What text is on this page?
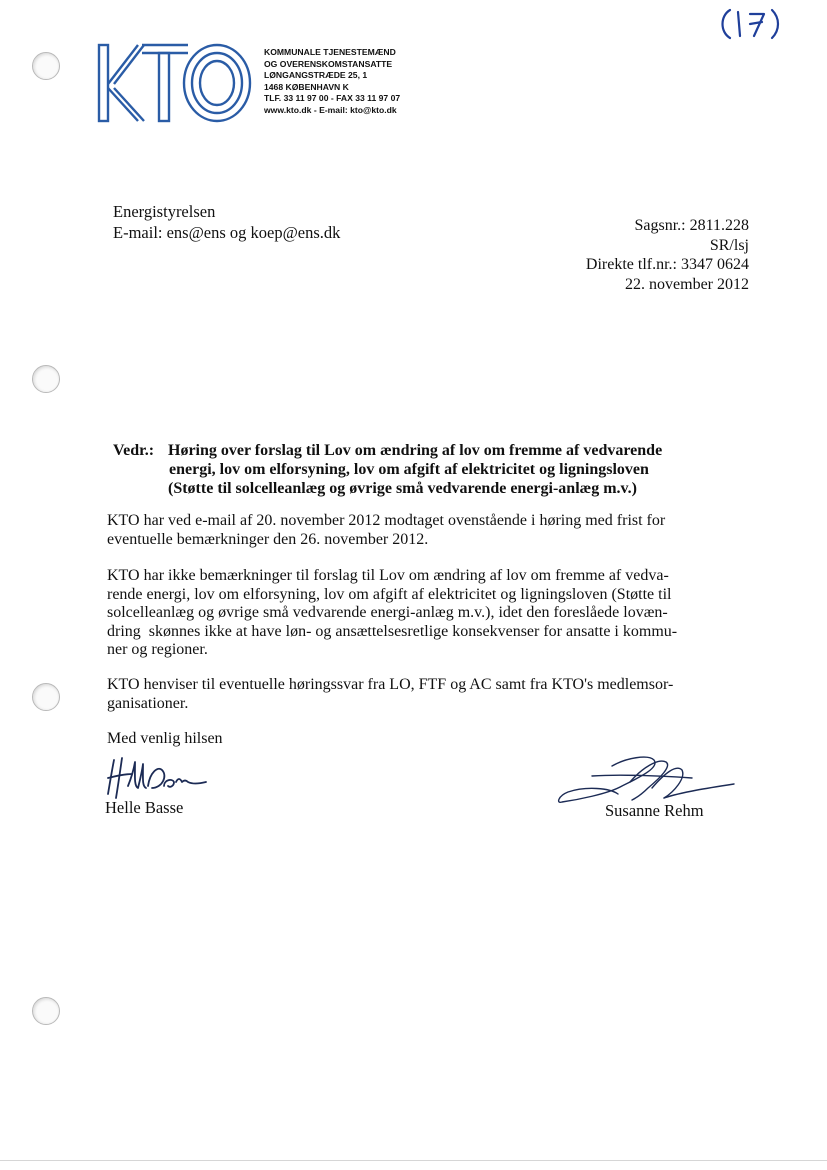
KOMMUNALE TJENESTEMÆND
OG OVERENSKOMSTANSATTE
LØNGANGSTRÆDE 25, 1
1468 KØBENHAVN K
TLF. 33 11 97 00 - FAX 33 11 97 07
www.kto.dk - E-mail: kto@kto.dk
Energistyrelsen
E-mail: ens@ens og koep@ens.dk	Sagsnr.: 2811.228
SR/lsj
Direkte tlf.nr.: 3347 0624
22. november 2012
Vedr.: Høring over forslag til Lov om ændring af lov om fremme af vedvarende
energi, lov om elforsyning, lov om afgift af elektricitet og ligningsloven
(Støtte til solcelleanlæg og øvrige små vedvarende energi-anlæg m.v.)
KTO har ved e-mail af 20. november 2012 modtaget ovenstående i høring med frist for
eventuelle bemærkninger den 26. november 2012.
KTO har ikke bemærkninger til forslag til Lov om ændring af lov om fremme af vedva-
rende energi, lov om elforsyning, lov om afgift af elektricitet og ligningsloven (Støtte til
solcelleanlæg og øvrige små vedvarende energi-anlæg m.v.), idet den foreslåede lovæn-
dring  skønnes ikke at have løn- og ansættelsesretlige konsekvenser for ansatte i kommu-
ner og regioner.
KTO henviser til eventuelle høringssvar fra LO, FTF og AC samt fra KTO's medlemsor-
ganisationer.
Med venlig hilsen
Helle Basse	Susanne Rehm
